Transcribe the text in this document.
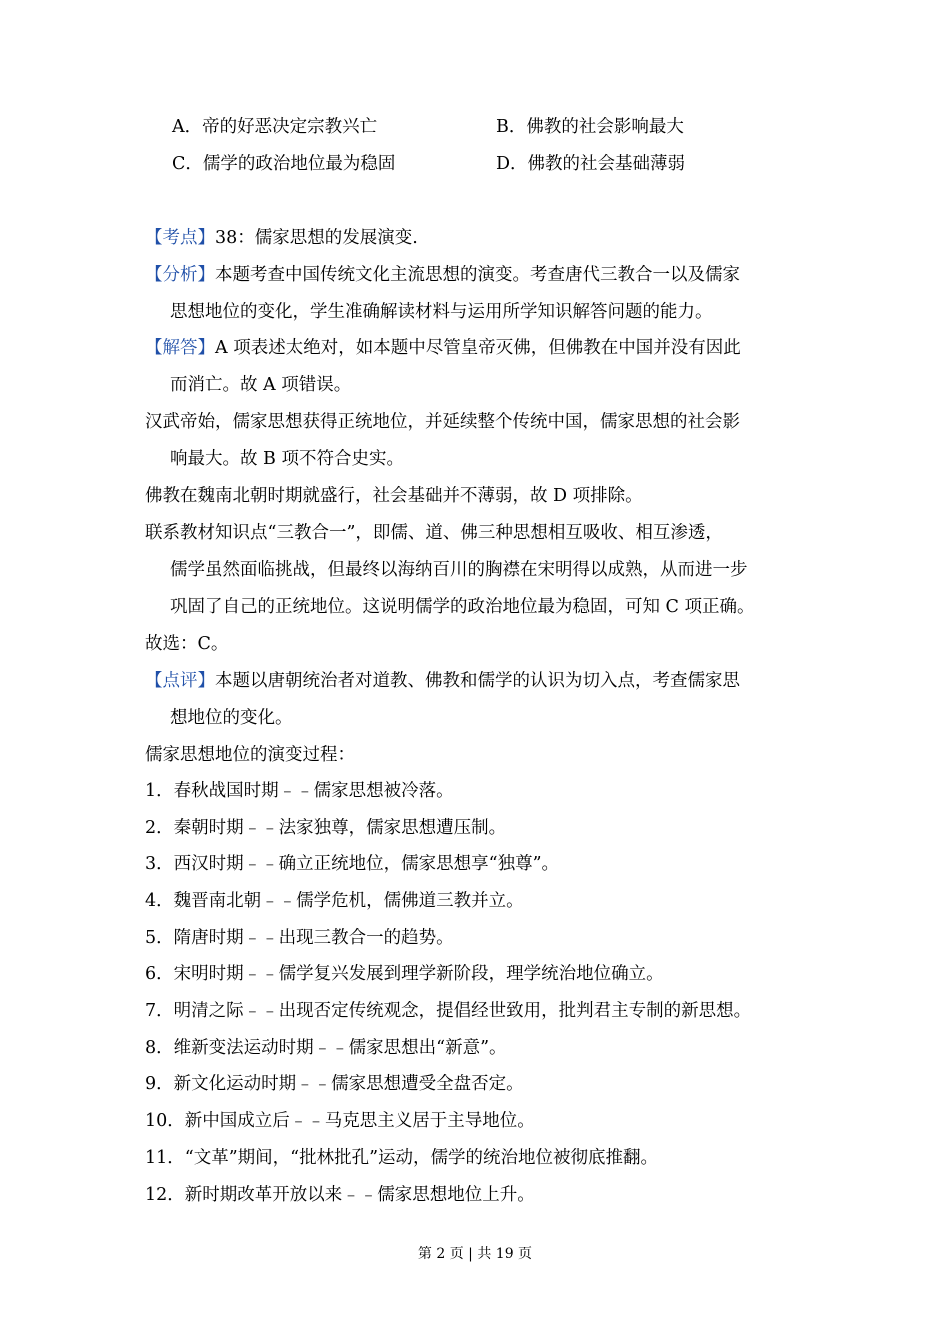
A．帝的好恶决定宗教兴亡	B．佛教的社会影响最大
C．儒学的政治地位最为稳固	D．佛教的社会基础薄弱
【考点】38：儒家思想的发展演变.
【分析】本题考查中国传统文化主流思想的演变。考查唐代三教合一以及儒家
思想地位的变化，学生准确解读材料与运用所学知识解答问题的能力。
【解答】A 项表述太绝对，如本题中尽管皇帝灭佛，但佛教在中国并没有因此
而消亡。故 A 项错误。
汉武帝始，儒家思想获得正统地位，并延续整个传统中国，儒家思想的社会影
响最大。故 B 项不符合史实。
佛教在魏南北朝时期就盛行，社会基础并不薄弱，故 D 项排除。
联系教材知识点“三教合一”，即儒、道、佛三种思想相互吸收、相互渗透，
儒学虽然面临挑战，但最终以海纳百川的胸襟在宋明得以成熟，从而进一步
巩固了自己的正统地位。这说明儒学的政治地位最为稳固，可知 C 项正确。
故选：C。
【点评】本题以唐朝统治者对道教、佛教和儒学的认识为切入点，考查儒家思
想地位的变化。
儒家思想地位的演变过程：
1．春秋战国时期﹣﹣儒家思想被冷落。
2．秦朝时期﹣﹣法家独尊，儒家思想遭压制。
3．西汉时期﹣﹣确立正统地位，儒家思想享“独尊”。
4．魏晋南北朝﹣﹣儒学危机，儒佛道三教并立。
5．隋唐时期﹣﹣出现三教合一的趋势。
6．宋明时期﹣﹣儒学复兴发展到理学新阶段，理学统治地位确立。
7．明清之际﹣﹣出现否定传统观念，提倡经世致用，批判君主专制的新思想。
8．维新变法运动时期﹣﹣儒家思想出“新意”。
9．新文化运动时期﹣﹣儒家思想遭受全盘否定。
10．新中国成立后﹣﹣马克思主义居于主导地位。
11．“文革”期间，“批林批孔”运动，儒学的统治地位被彻底推翻。
12．新时期改革开放以来﹣﹣儒家思想地位上升。
第 2 页 | 共 19 页
